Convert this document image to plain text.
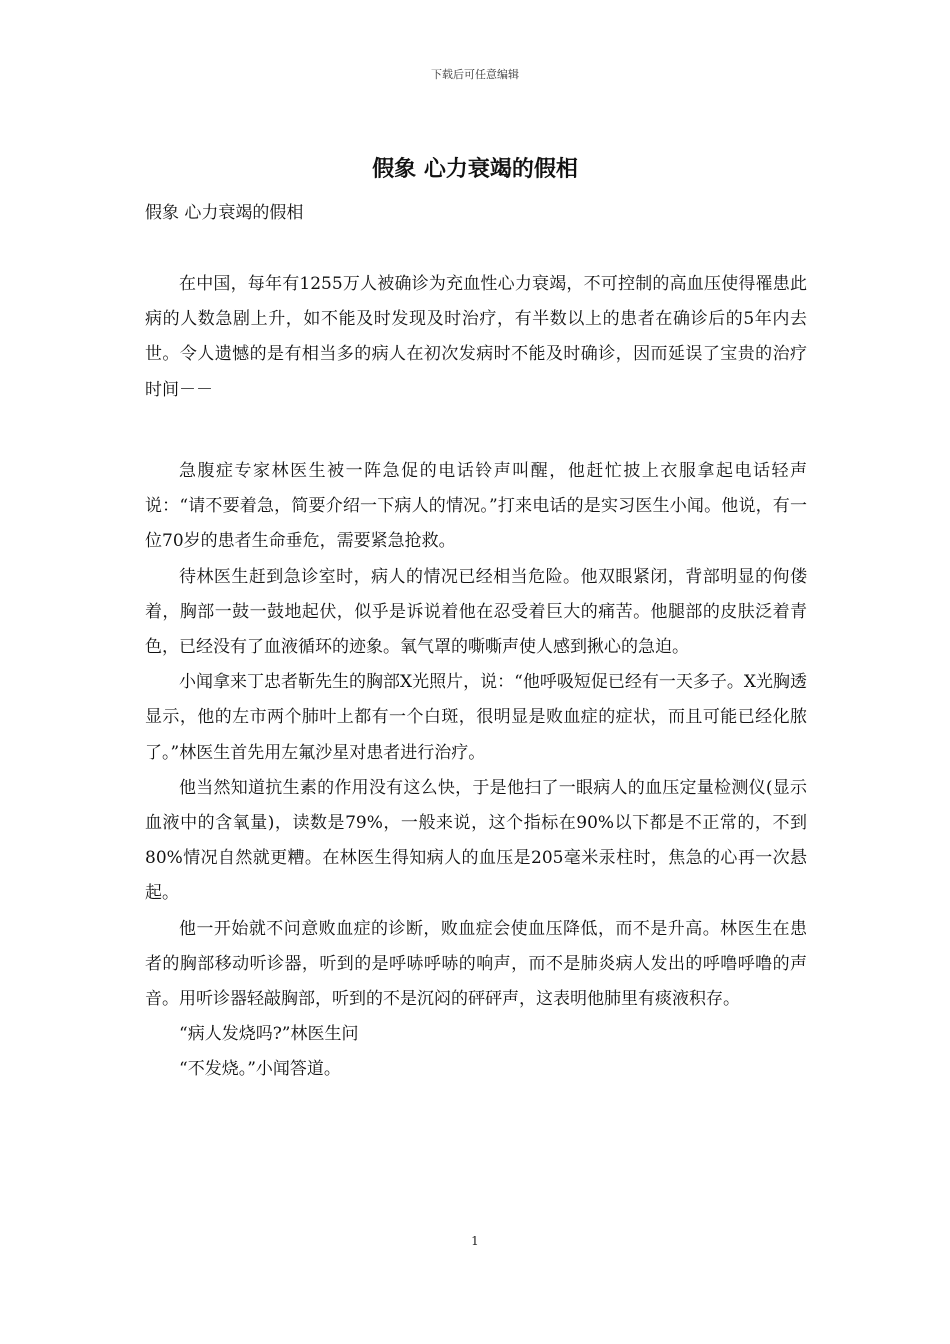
下载后可任意编辑
假象 心力衰竭的假相
假象 心力衰竭的假相

在中国，每年有1255万人被确诊为充血性心力衰竭，不可控制的高血压使得罹患此病的人数急剧上升，如不能及时发现及时治疗，有半数以上的患者在确诊后的5年内去世。令人遗憾的是有相当多的病人在初次发病时不能及时确诊，因而延误了宝贵的治疗时间－－

急腹症专家林医生被一阵急促的电话铃声叫醒，他赶忙披上衣服拿起电话轻声说：“请不要着急，简要介绍一下病人的情况。”打来电话的是实习医生小闻。他说，有一位70岁的患者生命垂危，需要紧急抢救。

待林医生赶到急诊室时，病人的情况已经相当危险。他双眼紧闭，背部明显的佝偻着，胸部一鼓一鼓地起伏，似乎是诉说着他在忍受着巨大的痛苦。他腿部的皮肤泛着青色，已经没有了血液循环的迹象。氧气罩的嘶嘶声使人感到揪心的急迫。

小闻拿来丁忠者靳先生的胸部X光照片，说：“他呼吸短促已经有一天多子。X光胸透显示，他的左市两个肺叶上都有一个白斑，很明显是败血症的症状，而且可能已经化脓了。”林医生首先用左氟沙星对患者进行治疗。

他当然知道抗生素的作用没有这么快，于是他扫了一眼病人的血压定量检测仪(显示血液中的含氧量)，读数是79%，一般来说，这个指标在90%以下都是不正常的，不到 80%情况自然就更糟。在林医生得知病人的血压是205毫米汞柱时，焦急的心再一次悬起。

他一开始就不问意败血症的诊断，败血症会使血压降低，而不是升高。林医生在患者的胸部移动听诊器，听到的是呼哧呼哧的响声，而不是肺炎病人发出的呼噜呼噜的声音。用听诊器轻敲胸部，听到的不是沉闷的砰砰声，这表明他肺里有痰液积存。

“病人发烧吗?”林医生问

“不发烧。”小闻答道。

1
